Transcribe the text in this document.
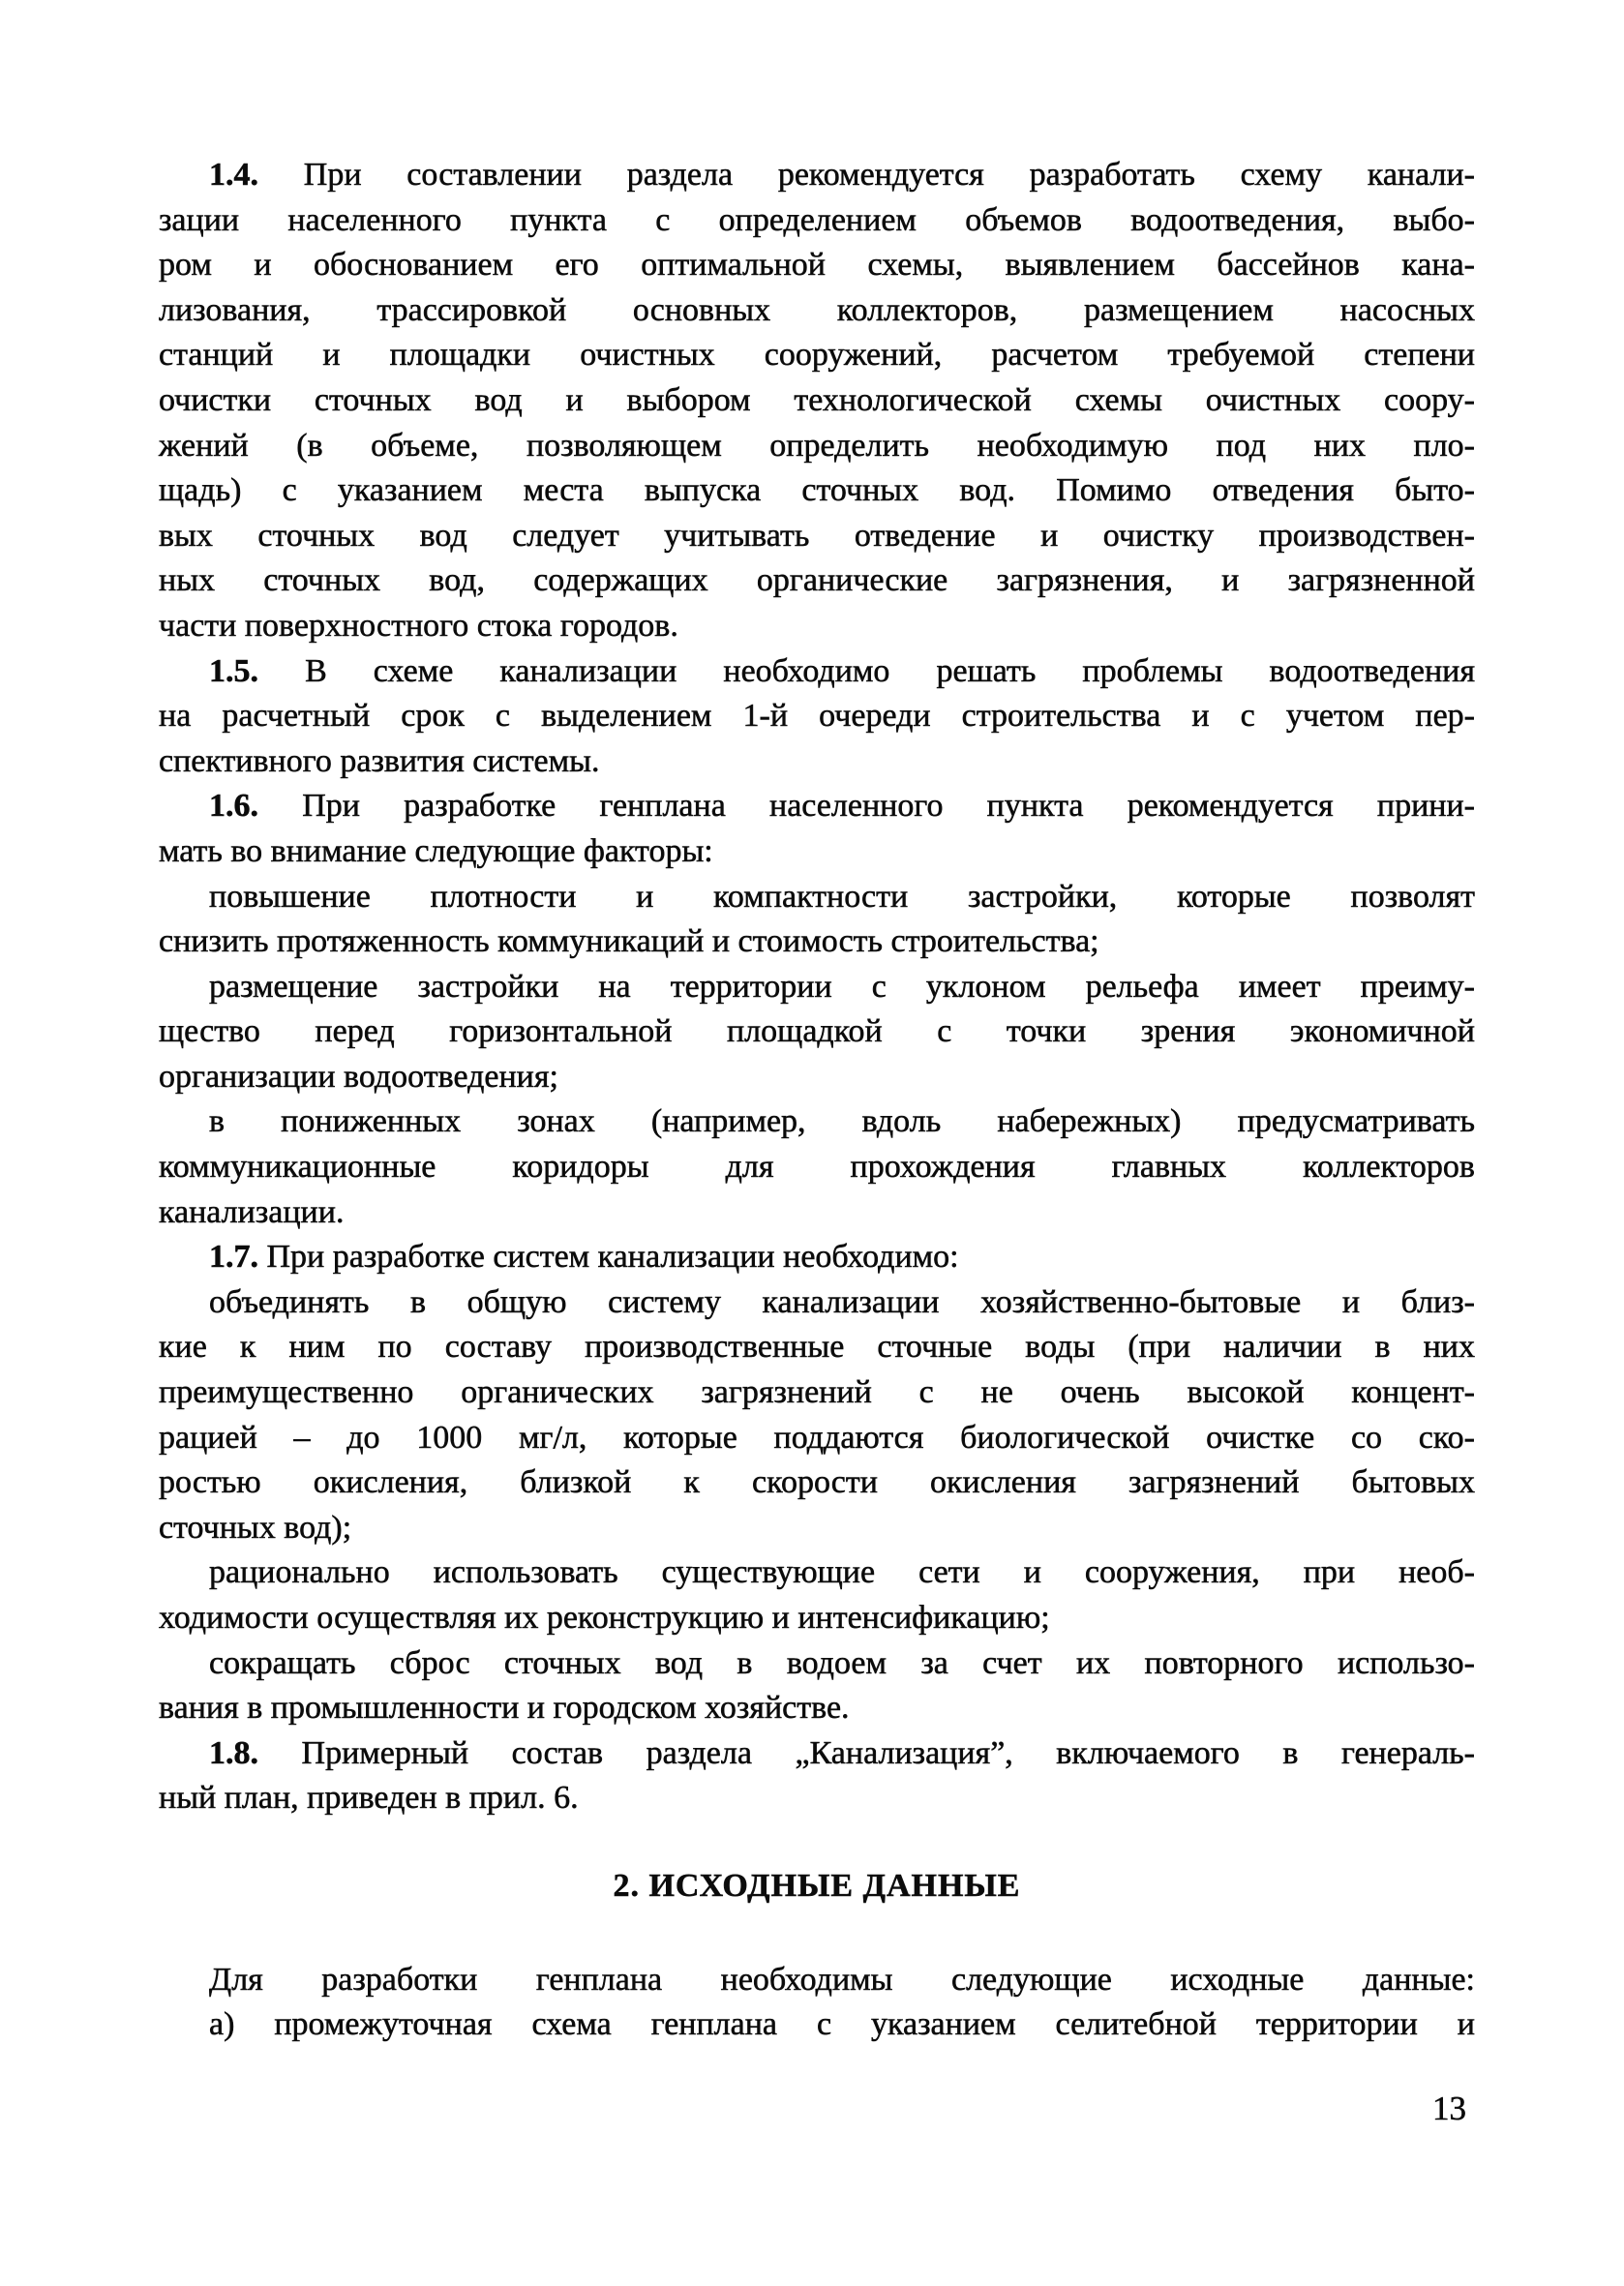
1.4. При составлении раздела рекомендуется разработать схему канали-
зации населенного пункта с определением объемов водоотведения, выбо-
ром и обоснованием его оптимальной схемы, выявлением бассейнов кана-
лизования, трассировкой основных коллекторов, размещением насосных
станций и площадки очистных сооружений, расчетом требуемой степени
очистки сточных вод и выбором технологической схемы очистных соору-
жений (в объеме, позволяющем определить необходимую под них пло-
щадь) с указанием места выпуска сточных вод. Помимо отведения быто-
вых сточных вод следует учитывать отведение и очистку производствен-
ных сточных вод, содержащих органические загрязнения, и загрязненной
части поверхностного стока городов.
1.5. В схеме канализации необходимо решать проблемы водоотведения
на расчетный срок с выделением 1-й очереди строительства и с учетом пер-
спективного развития системы.
1.6. При разработке генплана населенного пункта рекомендуется прини-
мать во внимание следующие факторы:
повышение плотности и компактности застройки, которые позволят
снизить протяженность коммуникаций и стоимость строительства;
размещение застройки на территории с уклоном рельефа имеет преиму-
щество перед горизонтальной площадкой с точки зрения экономичной
организации водоотведения;
в пониженных зонах (например, вдоль набережных) предусматривать
коммуникационные коридоры для прохождения главных коллекторов
канализации.
1.7. При разработке систем канализации необходимо:
объединять в общую систему канализации хозяйственно-бытовые и близ-
кие к ним по составу производственные сточные воды (при наличии в них
преимущественно органических загрязнений с не очень высокой концент-
рацией – до 1000 мг/л, которые поддаются биологической очистке со ско-
ростью окисления, близкой к скорости окисления загрязнений бытовых
сточных вод);
рационально использовать существующие сети и сооружения, при необ-
ходимости осуществляя их реконструкцию и интенсификацию;
сокращать сброс сточных вод в водоем за счет их повторного использо-
вания в промышленности и городском хозяйстве.
1.8. Примерный состав раздела „Канализация”, включаемого в генераль-
ный план, приведен в прил. 6.
2. ИСХОДНЫЕ ДАННЫЕ
Для разработки генплана необходимы следующие исходные данные:
а) промежуточная схема генплана с указанием селитебной территории и
13
